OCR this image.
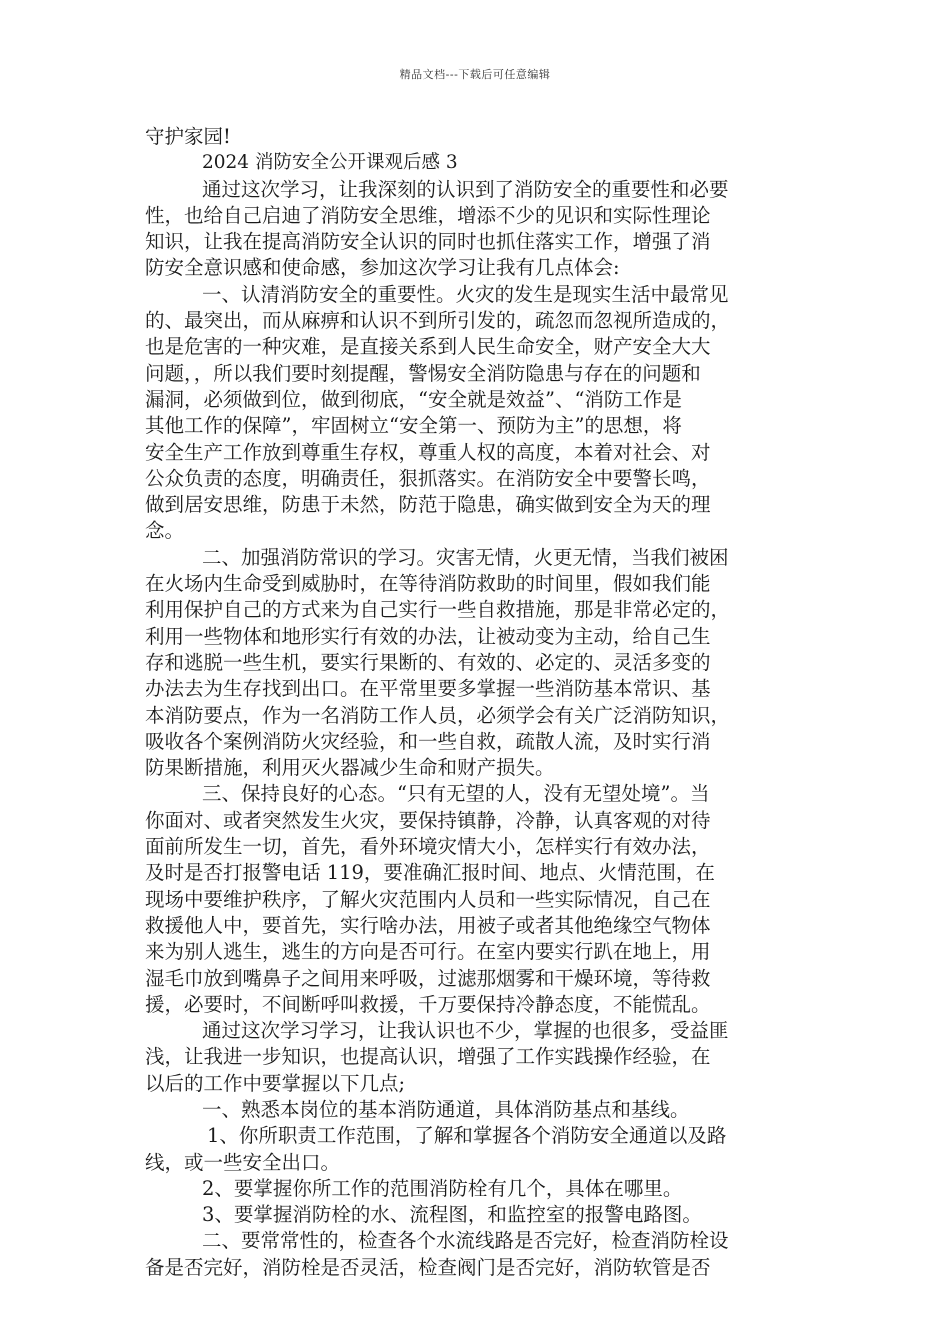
精品文档---下载后可任意编辑
守护家园!
2024 消防安全公开课观后感 3
通过这次学习，让我深刻的认识到了消防安全的重要性和必要
性，也给自己启迪了消防安全思维，增添不少的见识和实际性理论
知识，让我在提高消防安全认识的同时也抓住落实工作，增强了消
防安全意识感和使命感，参加这次学习让我有几点体会:
一、认清消防安全的重要性。火灾的发生是现实生活中最常见
的、最突出，而从麻痹和认识不到所引发的，疏忽而忽视所造成的，
也是危害的一种灾难，是直接关系到人民生命安全，财产安全大大
问题，，所以我们要时刻提醒，警惕安全消防隐患与存在的问题和
漏洞，必须做到位，做到彻底，“安全就是效益”、“消防工作是
其他工作的保障”，牢固树立“安全第一、预防为主”的思想，将
安全生产工作放到尊重生存权，尊重人权的高度，本着对社会、对
公众负责的态度，明确责任，狠抓落实。在消防安全中要警长鸣，
做到居安思维，防患于未然，防范于隐患，确实做到安全为天的理
念。
二、加强消防常识的学习。灾害无情，火更无情，当我们被困
在火场内生命受到威胁时，在等待消防救助的时间里，假如我们能
利用保护自己的方式来为自己实行一些自救措施，那是非常必定的，
利用一些物体和地形实行有效的办法，让被动变为主动，给自己生
存和逃脱一些生机，要实行果断的、有效的、必定的、灵活多变的
办法去为生存找到出口。在平常里要多掌握一些消防基本常识、基
本消防要点，作为一名消防工作人员，必须学会有关广泛消防知识，
吸收各个案例消防火灾经验，和一些自救，疏散人流，及时实行消
防果断措施，利用灭火器减少生命和财产损失。
三、保持良好的心态。“只有无望的人，没有无望处境”。当
你面对、或者突然发生火灾，要保持镇静，冷静，认真客观的对待
面前所发生一切，首先，看外环境灾情大小，怎样实行有效办法，
及时是否打报警电话 119，要准确汇报时间、地点、火情范围，在
现场中要维护秩序，了解火灾范围内人员和一些实际情况，自己在
救援他人中，要首先，实行啥办法，用被子或者其他绝缘空气物体
来为别人逃生，逃生的方向是否可行。在室内要实行趴在地上，用
湿毛巾放到嘴鼻子之间用来呼吸，过滤那烟雾和干燥环境，等待救
援，必要时，不间断呼叫救援，千万要保持冷静态度，不能慌乱。
通过这次学习学习，让我认识也不少，掌握的也很多，受益匪
浅，让我进一步知识，也提高认识，增强了工作实践操作经验，在
以后的工作中要掌握以下几点;
一、熟悉本岗位的基本消防通道，具体消防基点和基线。
1、你所职责工作范围，了解和掌握各个消防安全通道以及路
线，或一些安全出口。
2、要掌握你所工作的范围消防栓有几个，具体在哪里。
3、要掌握消防栓的水、流程图，和监控室的报警电路图。
二、要常常性的，检查各个水流线路是否完好，检查消防栓设
备是否完好，消防栓是否灵活，检查阀门是否完好，消防软管是否
